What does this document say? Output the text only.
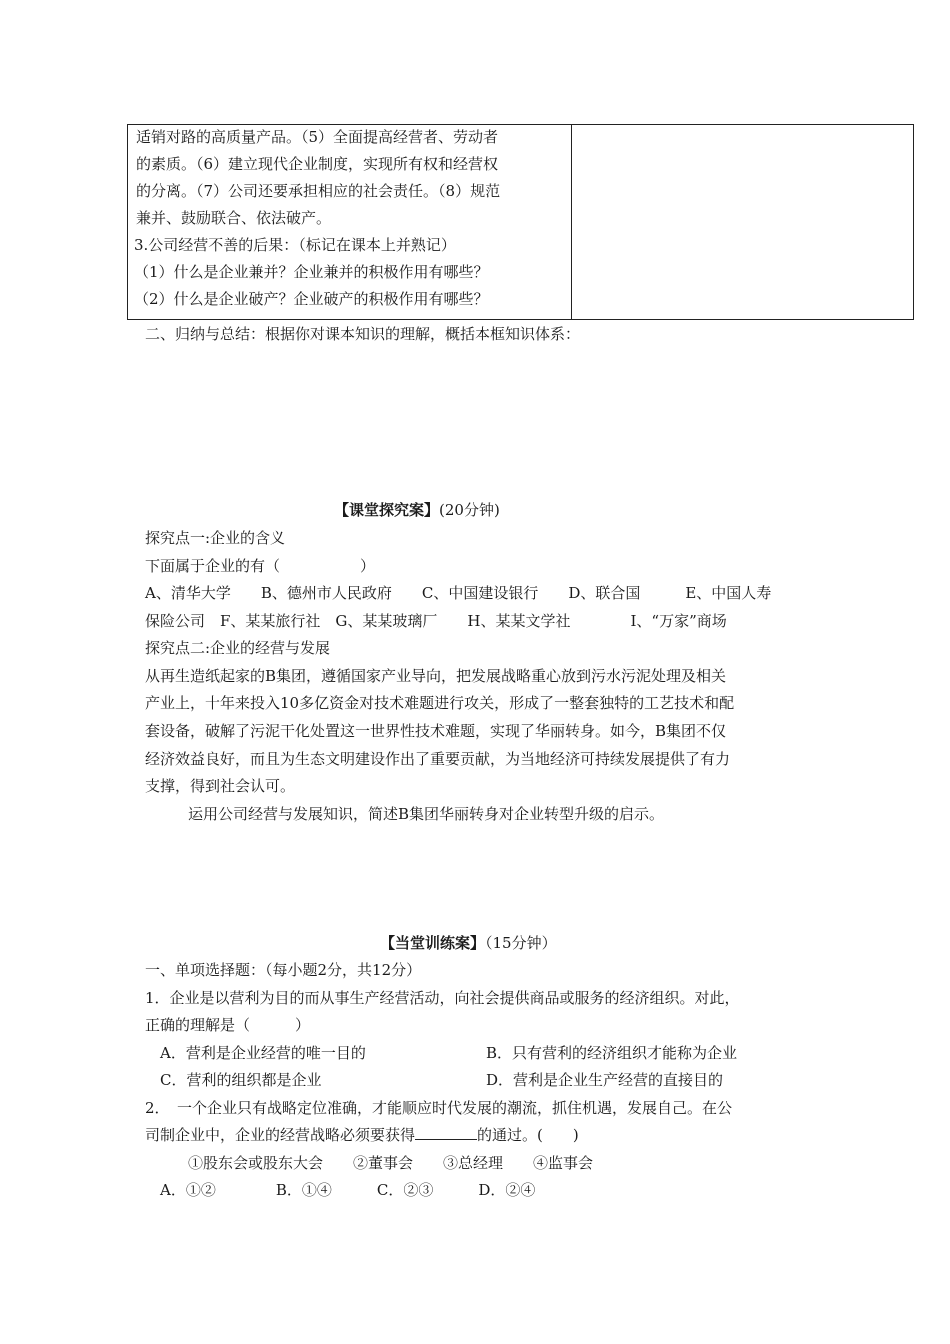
适销对路的高质量产品。（5）全面提高经营者、劳动者
的素质。（6）建立现代企业制度，实现所有权和经营权
的分离。（7）公司还要承担相应的社会责任。（8）规范
兼并、鼓励联合、依法破产。
3.公司经营不善的后果：（标记在课本上并熟记）
（1）什么是企业兼并？企业兼并的积极作用有哪些？
（2）什么是企业破产？企业破产的积极作用有哪些？
二、归纳与总结：根据你对课本知识的理解，概括本框知识体系：
【课堂探究案】(20分钟)
探究点一:企业的含义
下面属于企业的有（	）
A、清华大学　　B、德州市人民政府　　C、中国建设银行　　D、联合国　　　E、中国人寿
保险公司　F、某某旅行社　G、某某玻璃厂　　H、某某文学社　　　　I、“万家”商场
探究点二:企业的经营与发展
从再生造纸起家的B集团，遵循国家产业导向，把发展战略重心放到污水污泥处理及相关
产业上，十年来投入10多亿资金对技术难题进行攻关，形成了一整套独特的工艺技术和配
套设备，破解了污泥干化处置这一世界性技术难题，实现了华丽转身。如今，B集团不仅
经济效益良好，而且为生态文明建设作出了重要贡献，为当地经济可持续发展提供了有力
支撑，得到社会认可。
运用公司经营与发展知识，简述B集团华丽转身对企业转型升级的启示。
【当堂训练案】（15分钟）
一、单项选择题：（每小题2分，共12分）
1．企业是以营利为目的而从事生产经营活动，向社会提供商品或服务的经济组织。对此，
正确的理解是（　　　）
A．营利是企业经营的唯一目的	B．只有营利的经济组织才能称为企业
C．营利的组织都是企业	D．营利是企业生产经营的直接目的
2．　一个企业只有战略定位准确，才能顺应时代发展的潮流，抓住机遇，发展自己。在公
司制企业中，企业的经营战略必须要获得	的通过。(　　)
①股东会或股东大会　　②董事会　　③总经理　　④监事会
A．①②　　　　B．①④　　　C．②③　　　D．②④
